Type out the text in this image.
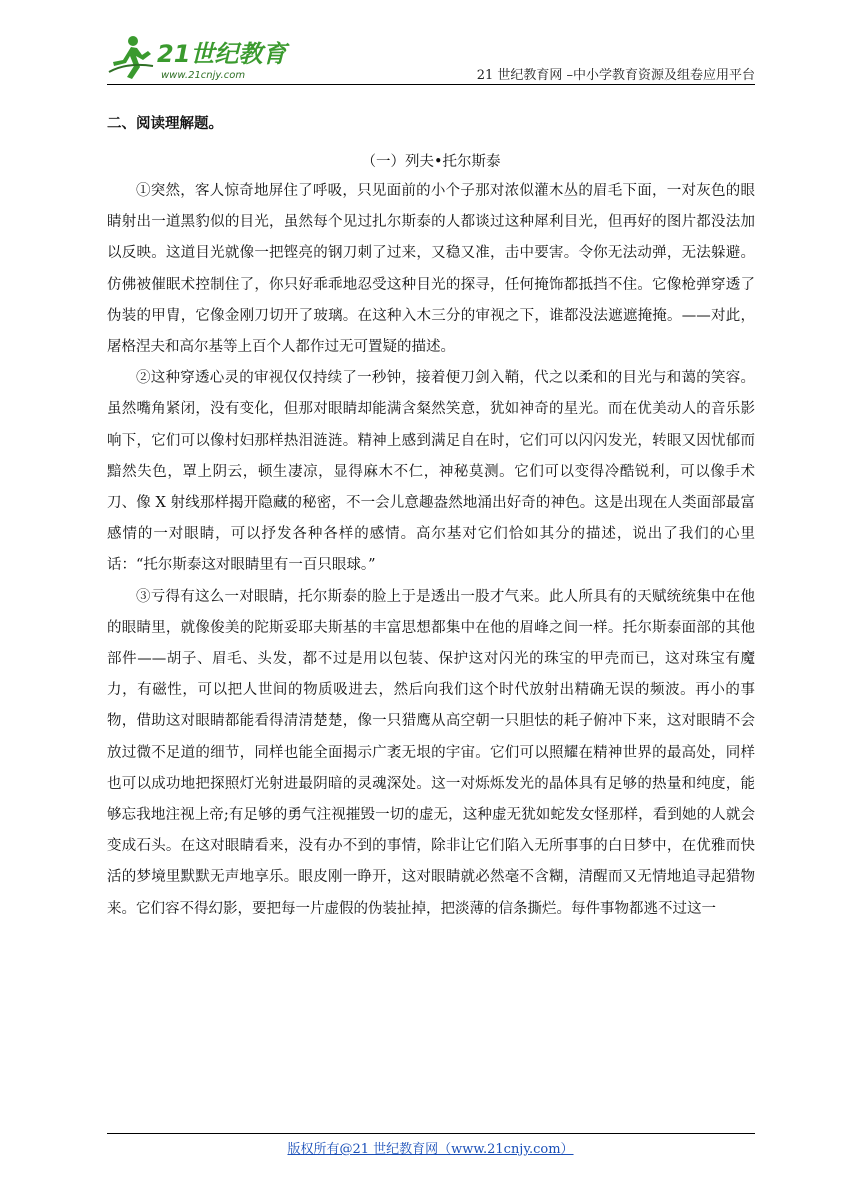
21世纪教育
www.21cnjy.com	21 世纪教育网 –中小学教育资源及组卷应用平台

二、阅读理解题。

（一）列夫•托尔斯泰

①突然，客人惊奇地屏住了呼吸，只见面前的小个子那对浓似灌木丛的眉毛下面，一对灰色的眼睛射出一道黑豹似的目光，虽然每个见过扎尔斯泰的人都谈过这种犀利目光，但再好的图片都没法加以反映。这道目光就像一把铿亮的钢刀刺了过来，又稳又准，击中要害。令你无法动弹，无法躲避。仿佛被催眠术控制住了，你只好乖乖地忍受这种目光的探寻，任何掩饰都抵挡不住。它像枪弹穿透了伪装的甲胄，它像金刚刀切开了玻璃。在这种入木三分的审视之下，谁都没法遮遮掩掩。——对此，屠格涅夫和高尔基等上百个人都作过无可置疑的描述。

②这种穿透心灵的审视仅仅持续了一秒钟，接着便刀剑入鞘，代之以柔和的目光与和蔼的笑容。虽然嘴角紧闭，没有变化，但那对眼睛却能满含粲然笑意，犹如神奇的星光。而在优美动人的音乐影响下，它们可以像村妇那样热泪涟涟。精神上感到满足自在时，它们可以闪闪发光，转眼又因忧郁而黯然失色，罩上阴云，顿生凄凉，显得麻木不仁，神秘莫测。它们可以变得冷酷锐利，可以像手术刀、像 X 射线那样揭开隐藏的秘密，不一会儿意趣盎然地涌出好奇的神色。这是出现在人类面部最富感情的一对眼睛，可以抒发各种各样的感情。高尔基对它们恰如其分的描述，说出了我们的心里话：“托尔斯泰这对眼睛里有一百只眼球。”

③亏得有这么一对眼睛，托尔斯泰的脸上于是透出一股才气来。此人所具有的天赋统统集中在他的眼睛里，就像俊美的陀斯妥耶夫斯基的丰富思想都集中在他的眉峰之间一样。托尔斯泰面部的其他部件——胡子、眉毛、头发，都不过是用以包装、保护这对闪光的珠宝的甲壳而已，这对珠宝有魔力，有磁性，可以把人世间的物质吸进去，然后向我们这个时代放射出精确无误的频波。再小的事物，借助这对眼睛都能看得清清楚楚，像一只猎鹰从高空朝一只胆怯的耗子俯冲下来，这对眼睛不会放过微不足道的细节，同样也能全面揭示广袤无垠的宇宙。它们可以照耀在精神世界的最高处，同样也可以成功地把探照灯光射进最阴暗的灵魂深处。这一对烁烁发光的晶体具有足够的热量和纯度，能够忘我地注视上帝;有足够的勇气注视摧毁一切的虚无，这种虚无犹如蛇发女怪那样，看到她的人就会变成石头。在这对眼睛看来，没有办不到的事情，除非让它们陷入无所事事的白日梦中，在优雅而快活的梦境里默默无声地享乐。眼皮刚一睁开，这对眼睛就必然毫不含糊，清醒而又无情地追寻起猎物来。它们容不得幻影，要把每一片虚假的伪装扯掉，把淡薄的信条撕烂。每件事物都逃不过这一

版权所有@21 世纪教育网（www.21cnjy.com）
